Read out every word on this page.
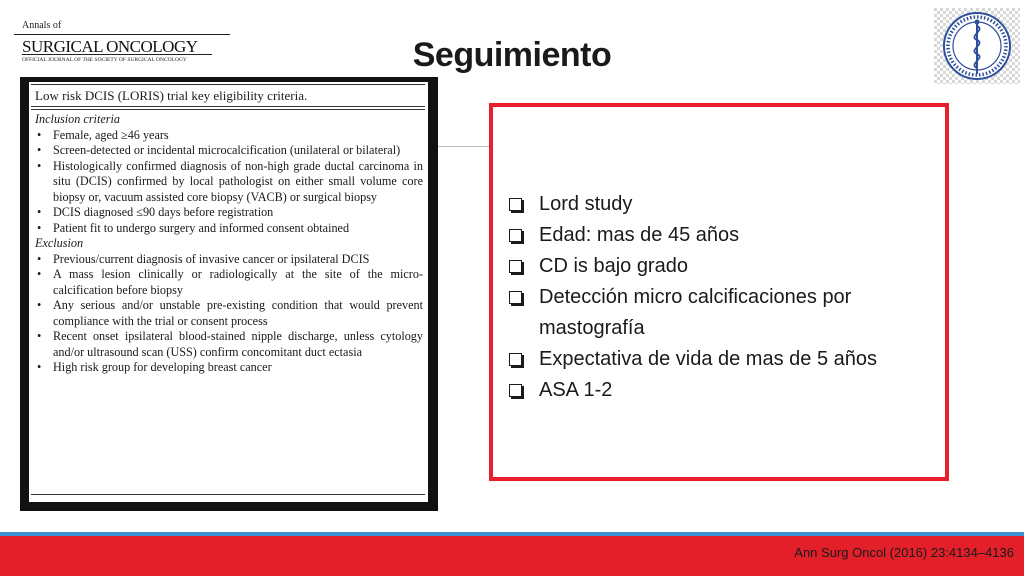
Annals of
SURGICAL ONCOLOGY
OFFICIAL JOURNAL OF THE SOCIETY OF SURGICAL ONCOLOGY	Seguimiento
Low risk DCIS (LORIS) trial key eligibility criteria.
Inclusion criteria
• Female, aged ≥46 years
• Screen-detected or incidental microcalcification (unilateral or bilateral)
• Histologically confirmed diagnosis of non-high grade ductal carcinoma in situ (DCIS) confirmed by local pathologist on either small volume core biopsy or, vacuum assisted core biopsy (VACB) or surgical biopsy
• DCIS diagnosed ≤90 days before registration
• Patient fit to undergo surgery and informed consent obtained
Exclusion
• Previous/current diagnosis of invasive cancer or ipsilateral DCIS
• A mass lesion clinically or radiologically at the site of the micro-calcification before biopsy
• Any serious and/or unstable pre-existing condition that would prevent compliance with the trial or consent process
• Recent onset ipsilateral blood-stained nipple discharge, unless cytology and/or ultrasound scan (USS) confirm concomitant duct ectasia
• High risk group for developing breast cancer
Lord study
Edad: mas de 45 años
CD is bajo grado
Detección micro calcificaciones por mastografía
Expectativa de vida de mas de 5 años
ASA 1-2
Ann Surg Oncol (2016) 23:4134–4136
